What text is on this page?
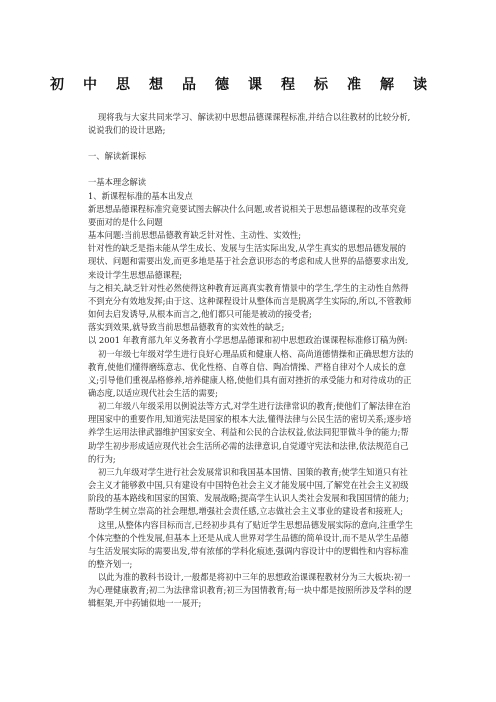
初中思想品德课程标准解读

现将我与大家共同来学习、解读初中思想品德课课程标准,并结合以往教材的比较分析,说说我们的设计思路;

一、解读新课标

一基本理念解读

1、新课程标准的基本出发点

新思想品德课程标准究竟要试图去解决什么问题,或者说相关于思想品德课程的改革究竟要面对的是什么问题

基本问题:当前思想品德教育缺乏针对性、主动性、实效性;

针对性的缺乏是指未能从学生成长、发展与生活实际出发,从学生真实的思想品德发展的现状、问题和需要出发,而更多地是基于社会意识形态的考虑和成人世界的品德要求出发,来设计学生思想品德课程;

与之相关,缺乏针对性必然使得这种教育远离真实教育情景中的学生,学生的主动性自然得不到充分有效地发挥;由于这、这种课程设计从整体而言是脱离学生实际的,所以,不管教师如何去启发诱导,从根本而言之,他们都只可能是被动的接受者;

落实到效果,就导致当前思想品德教育的实效性的缺乏;

以 2001 年教育部九年义务教育小学思想品德课和初中思想政治课课程标准修订稿为例:

初一年级七年级对学生进行良好心理品质和健康人格、高尚道德情操和正确思想方法的教育,使他们懂得磨练意志、优化性格、自尊自信、陶冶情操、严格自律对个人成长的意义;引导他们重视品格修养,培养健康人格,使他们具有面对挫折的承受能力和对待成功的正确态度,以适应现代社会生活的需要;

初二年级八年级采用以例说法等方式,对学生进行法律常识的教育;使他们了解法律在治理国家中的重要作用,知道宪法是国家的根本大法,懂得法律与公民生活的密切关系;逐步培养学生运用法律武器维护国家安全、利益和公民的合法权益,依法同犯罪做斗争的能力;帮助学生初步形成适应现代社会生活所必需的法律意识,自觉遵守宪法和法律,依法规范自己的行为;

初三九年级对学生进行社会发展常识和我国基本国情、国策的教育;使学生知道只有社会主义才能够救中国,只有建设有中国特色社会主义才能发展中国,了解党在社会主义初级阶段的基本路线和国家的国策、发展战略;提高学生认识人类社会发展和我国国情的能力;帮助学生树立崇高的社会理想,增强社会责任感,立志做社会主义事业的建设者和接班人;

这里,从整体内容目标而言,已经初步具有了贴近学生思想品德发展实际的意向,注重学生个体完整的个性发展,但基本上还是从成人世界对学生品德的简单设计,而不是从学生品德与生活发展实际的需要出发,带有浓郁的学科化痕迹,强调内容设计中的逻辑性和内容标准的整齐划一;

以此为准的教科书设计,一般都是将初中三年的思想政治课课程教材分为三大板块:初一为心理健康教育;初二为法律常识教育;初三为国情教育;每一块中都是按照所涉及学科的逻辑框架,开中药铺似地一一展开;
